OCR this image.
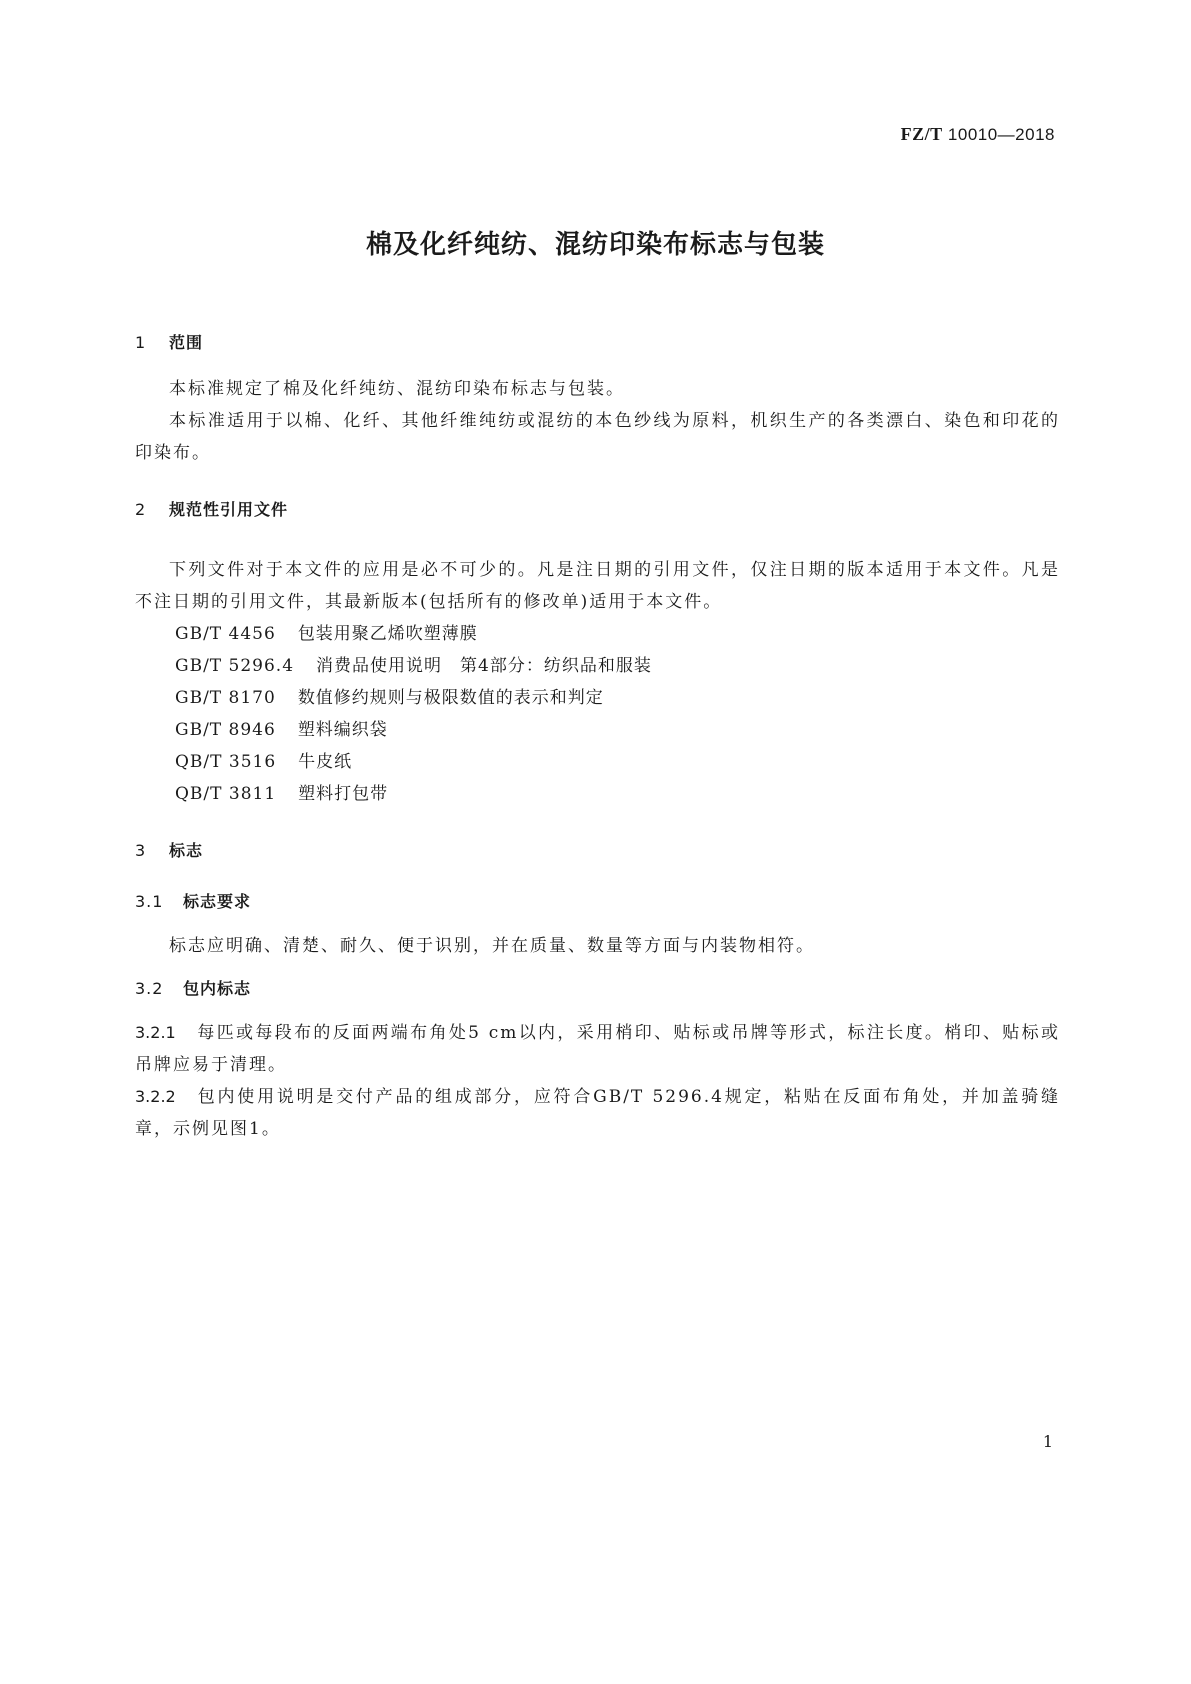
FZ/T 10010—2018
棉及化纤纯纺、混纺印染布标志与包装

1 范围

本标准规定了棉及化纤纯纺、混纺印染布标志与包装。

本标准适用于以棉、化纤、其他纤维纯纺或混纺的本色纱线为原料，机织生产的各类漂白、染色和印花的印染布。

2 规范性引用文件

下列文件对于本文件的应用是必不可少的。凡是注日期的引用文件，仅注日期的版本适用于本文件。凡是不注日期的引用文件，其最新版本(包括所有的修改单)适用于本文件。

GB/T 4456 包装用聚乙烯吹塑薄膜

GB/T 5296.4 消费品使用说明　第4部分：纺织品和服装

GB/T 8170 数值修约规则与极限数值的表示和判定

GB/T 8946 塑料编织袋

QB/T 3516 牛皮纸

QB/T 3811 塑料打包带

3 标志

3.1 标志要求

标志应明确、清楚、耐久、便于识别，并在质量、数量等方面与内装物相符。

3.2 包内标志

3.2.1 每匹或每段布的反面两端布角处5 cm以内，采用梢印、贴标或吊牌等形式，标注长度。梢印、贴标或吊牌应易于清理。

3.2.2 包内使用说明是交付产品的组成部分，应符合GB/T 5296.4规定，粘贴在反面布角处，并加盖骑缝章，示例见图1。

1
